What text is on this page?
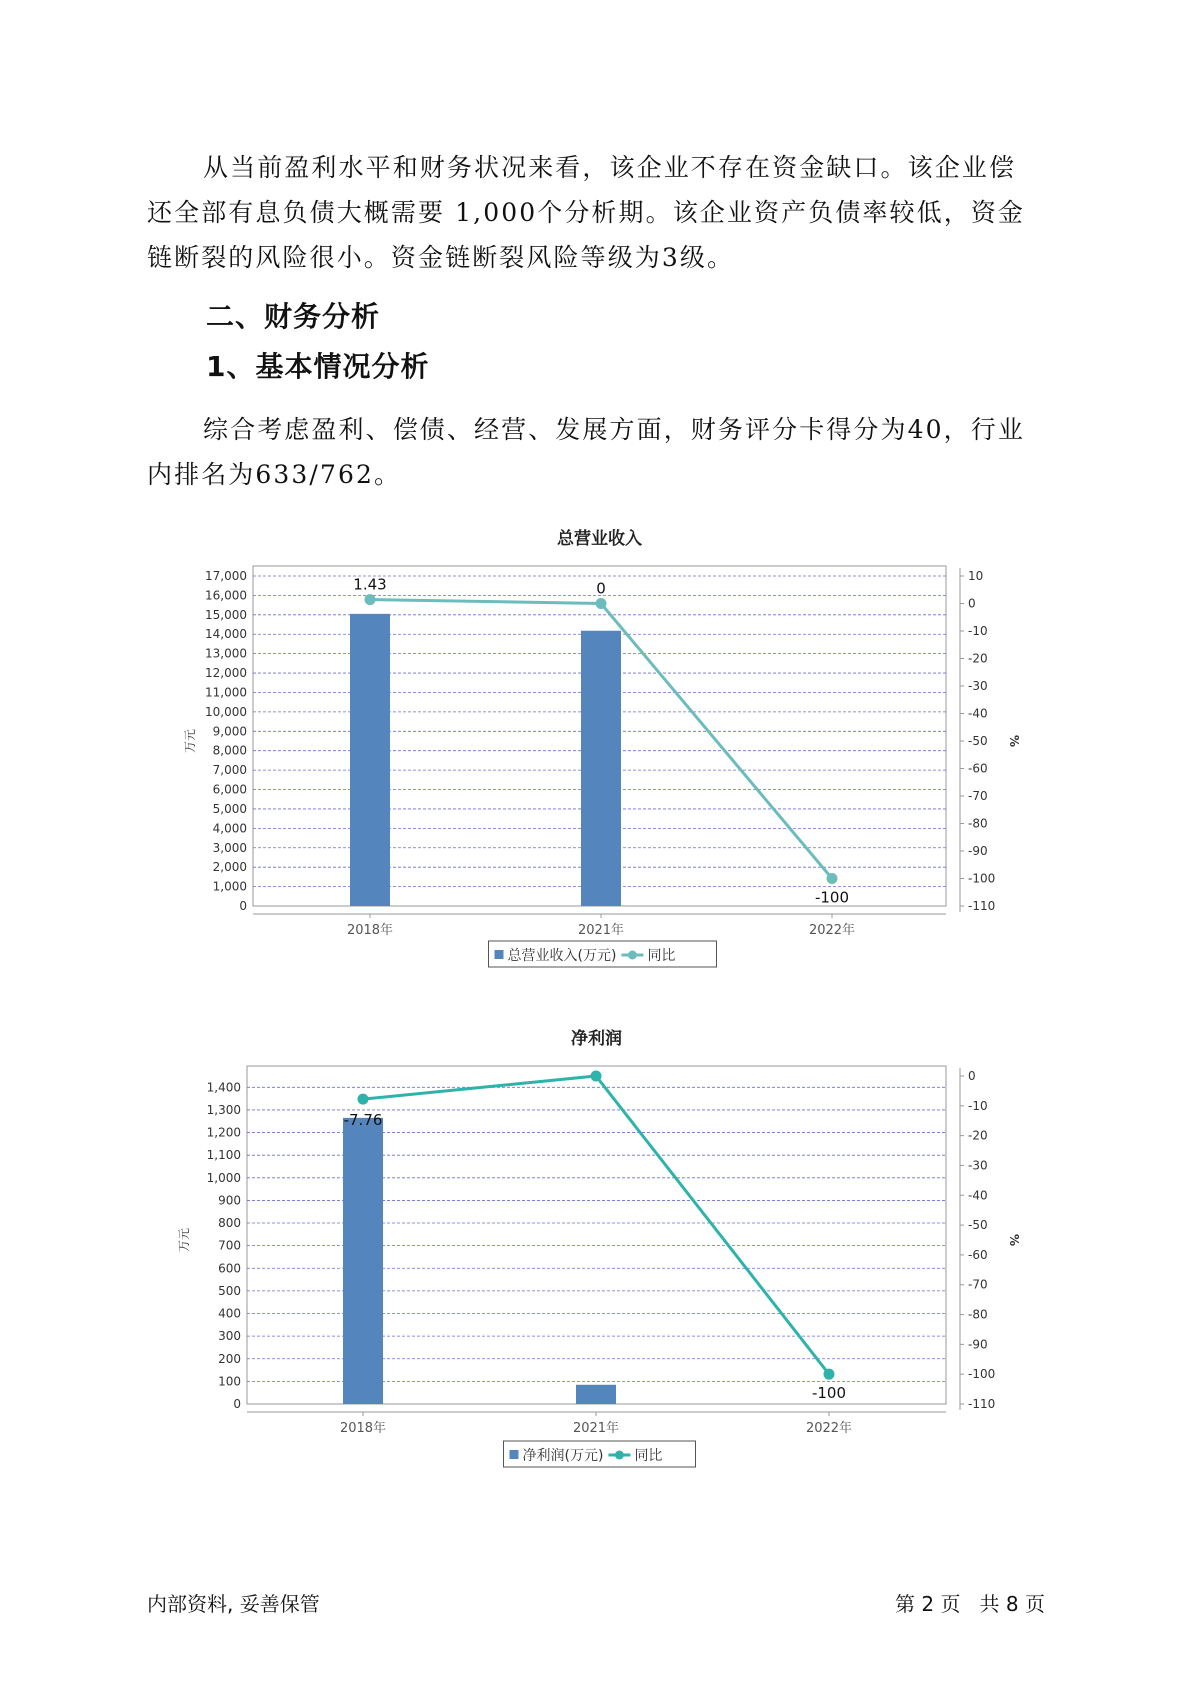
从当前盈利水平和财务状况来看，该企业不存在资金缺口。该企业偿
还全部有息负债大概需要 1,000个分析期。该企业资产负债率较低，资金
链断裂的风险很小。资金链断裂风险等级为3级。
二、财务分析
1、基本情况分析
综合考虑盈利、偿债、经营、发展方面，财务评分卡得分为40，行业
内排名为633/762。
总营业收入
0
1,000
2,000
3,000
4,000
5,000
6,000
7,000
8,000
9,000
10,000
11,000
12,000
13,000
14,000
15,000
16,000
17,000	10
0
-10
-20
-30
-40
-50
-60
-70
-80
-90
-100
-110
万元	%
2018年	2021年	2022年
1.43	0
-100
总营业收入(万元) 同比
净利润
0
100
200
300
400
500
600
700
800
900
1,000
1,100
1,200
1,300
1,400
0
-10
-20
-30
-40
-50
-60
-70
-80
-90
-100
-110
万元	%
2018年	2021年	2022年
-7.76
-100
净利润(万元) 同比
内部资料, 妥善保管	第 2 页   共 8 页
